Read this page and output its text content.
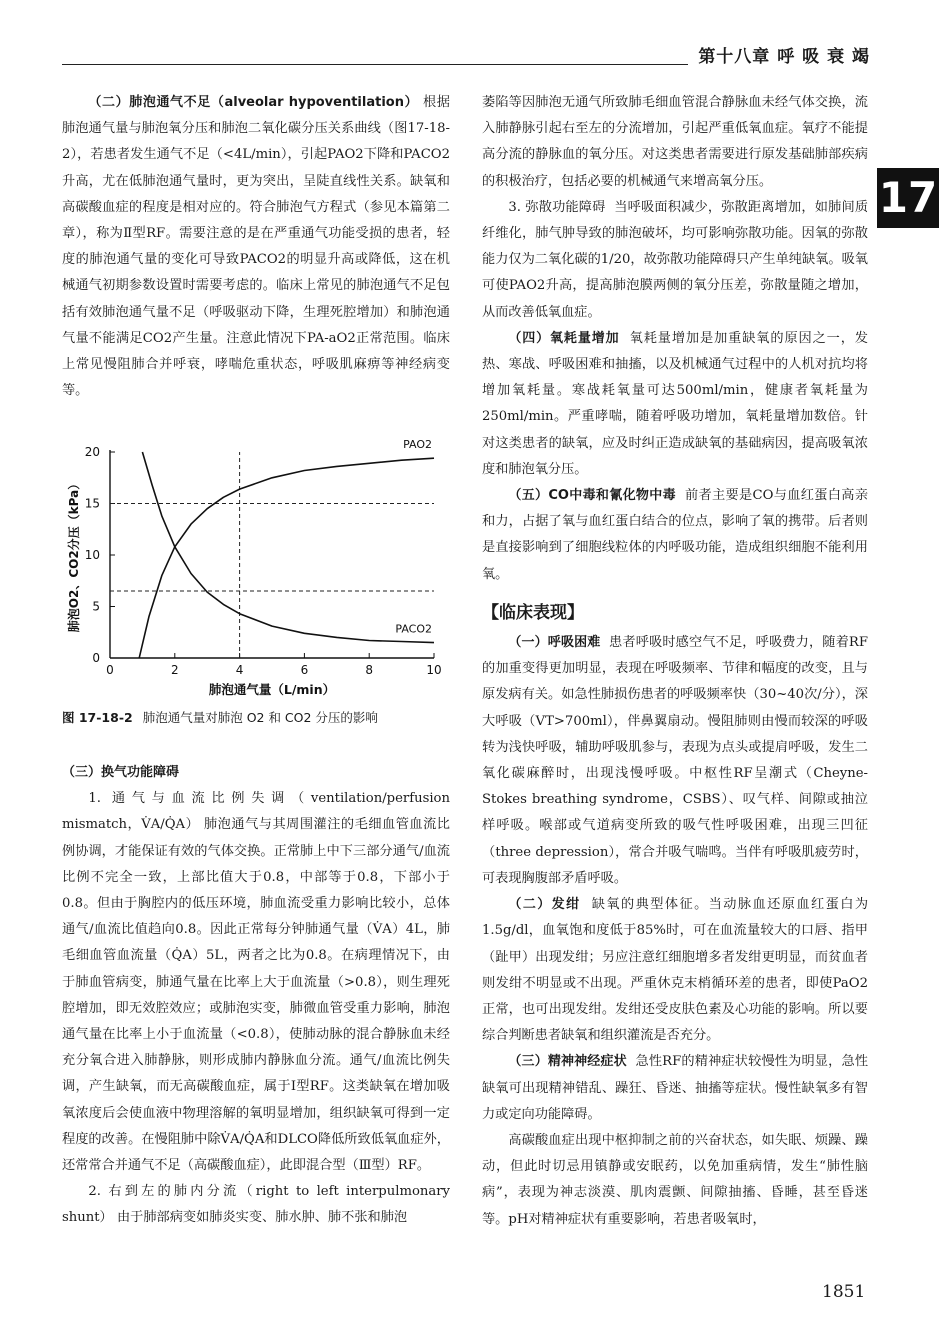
第十八章 呼 吸 衰 竭
17

（二）肺泡通气不足（alveolar hypoventilation） 根据肺泡通气量与肺泡氧分压和肺泡二氧化碳分压关系曲线（图17-18-2），若患者发生通气不足（<4L/min），引起PAO2下降和PACO2升高，尤在低肺泡通气量时，更为突出，呈陡直线性关系。缺氧和高碳酸血症的程度是相对应的。符合肺泡气方程式（参见本篇第二章），称为Ⅱ型RF。需要注意的是在严重通气功能受损的患者，轻度的肺泡通气量的变化可导致PACO2的明显升高或降低，这在机械通气初期参数设置时需要考虑的。临床上常见的肺泡通气不足包括有效肺泡通气量不足（呼吸驱动下降，生理死腔增加）和肺泡通气量不能满足CO2产生量。注意此情况下PA-aO2正常范围。临床上常见慢阻肺合并呼衰，哮喘危重状态，呼吸肌麻痹等神经病变等。

0	2	4	6	8	10
0
5
10
15
20
PAO2
PACO2
肺泡通气量（L/min）
肺泡O2、CO2分压（kPa）
图 17-18-2 肺泡通气量对肺泡 O2 和 CO2 分压的影响

（三）换气功能障碍

1. 通气与血流比例失调（ventilation/perfusion mismatch，V̇A/Q̇A） 肺泡通气与其周围灌注的毛细血管血流比例协调，才能保证有效的气体交换。正常肺上中下三部分通气/血流比例不完全一致，上部比值大于0.8，中部等于0.8，下部小于0.8。但由于胸腔内的低压环境，肺血流受重力影响比较小，总体通气/血流比值趋向0.8。因此正常每分钟肺通气量（V̇A）4L，肺毛细血管血流量（Q̇A）5L，两者之比为0.8。在病理情况下，由于肺血管病变，肺通气量在比率上大于血流量（>0.8），则生理死腔增加，即无效腔效应；或肺泡实变，肺微血管受重力影响，肺泡通气量在比率上小于血流量（<0.8），使肺动脉的混合静脉血未经充分氧合进入肺静脉，则形成肺内静脉血分流。通气/血流比例失调，产生缺氧，而无高碳酸血症，属于Ⅰ型RF。这类缺氧在增加吸氧浓度后会使血液中物理溶解的氧明显增加，组织缺氧可得到一定程度的改善。在慢阻肺中除V̇A/Q̇A和DLCO降低所致低氧血症外，还常常合并通气不足（高碳酸血症），此即混合型（Ⅲ型）RF。

2. 右到左的肺内分流（right to left interpulmonary shunt） 由于肺部病变如肺炎实变、肺水肿、肺不张和肺泡

萎陷等因肺泡无通气所致肺毛细血管混合静脉血未经气体交换，流入肺静脉引起右至左的分流增加，引起严重低氧血症。氧疗不能提高分流的静脉血的氧分压。对这类患者需要进行原发基础肺部疾病的积极治疗，包括必要的机械通气来增高氧分压。

3. 弥散功能障碍 当呼吸面积减少，弥散距离增加，如肺间质纤维化，肺气肿导致的肺泡破坏，均可影响弥散功能。因氧的弥散能力仅为二氧化碳的1/20，故弥散功能障碍只产生单纯缺氧。吸氧可使PAO2升高，提高肺泡膜两侧的氧分压差，弥散量随之增加，从而改善低氧血症。

（四）氧耗量增加 氧耗量增加是加重缺氧的原因之一，发热、寒战、呼吸困难和抽搐，以及机械通气过程中的人机对抗均将增加氧耗量。寒战耗氧量可达500ml/min，健康者氧耗量为250ml/min。严重哮喘，随着呼吸功增加，氧耗量增加数倍。针对这类患者的缺氧，应及时纠正造成缺氧的基础病因，提高吸氧浓度和肺泡氧分压。

（五）CO中毒和氰化物中毒 前者主要是CO与血红蛋白高亲和力，占据了氧与血红蛋白结合的位点，影响了氧的携带。后者则是直接影响到了细胞线粒体的内呼吸功能，造成组织细胞不能利用氧。

【临床表现】

（一）呼吸困难 患者呼吸时感空气不足，呼吸费力，随着RF的加重变得更加明显，表现在呼吸频率、节律和幅度的改变，且与原发病有关。如急性肺损伤患者的呼吸频率快（30~40次/分），深大呼吸（VT>700ml），伴鼻翼扇动。慢阻肺则由慢而较深的呼吸转为浅快呼吸，辅助呼吸肌参与，表现为点头或提肩呼吸，发生二氧化碳麻醉时，出现浅慢呼吸。中枢性RF呈潮式（Cheyne-Stokes breathing syndrome，CSBS）、叹气样、间隙或抽泣样呼吸。喉部或气道病变所致的吸气性呼吸困难，出现三凹征（three depression），常合并吸气喘鸣。当伴有呼吸肌疲劳时，可表现胸腹部矛盾呼吸。

（二）发绀 缺氧的典型体征。当动脉血还原血红蛋白为1.5g/dl，血氧饱和度低于85%时，可在血流量较大的口唇、指甲（趾甲）出现发绀；另应注意红细胞增多者发绀更明显，而贫血者则发绀不明显或不出现。严重休克末梢循环差的患者，即使PaO2正常，也可出现发绀。发绀还受皮肤色素及心功能的影响。所以要综合判断患者缺氧和组织灌流是否充分。

（三）精神神经症状 急性RF的精神症状较慢性为明显，急性缺氧可出现精神错乱、躁狂、昏迷、抽搐等症状。慢性缺氧多有智力或定向功能障碍。

高碳酸血症出现中枢抑制之前的兴奋状态，如失眠、烦躁、躁动，但此时切忌用镇静或安眠药，以免加重病情，发生“肺性脑病”，表现为神志淡漠、肌肉震颤、间隙抽搐、昏睡，甚至昏迷等。pH对精神症状有重要影响，若患者吸氧时，

1851
